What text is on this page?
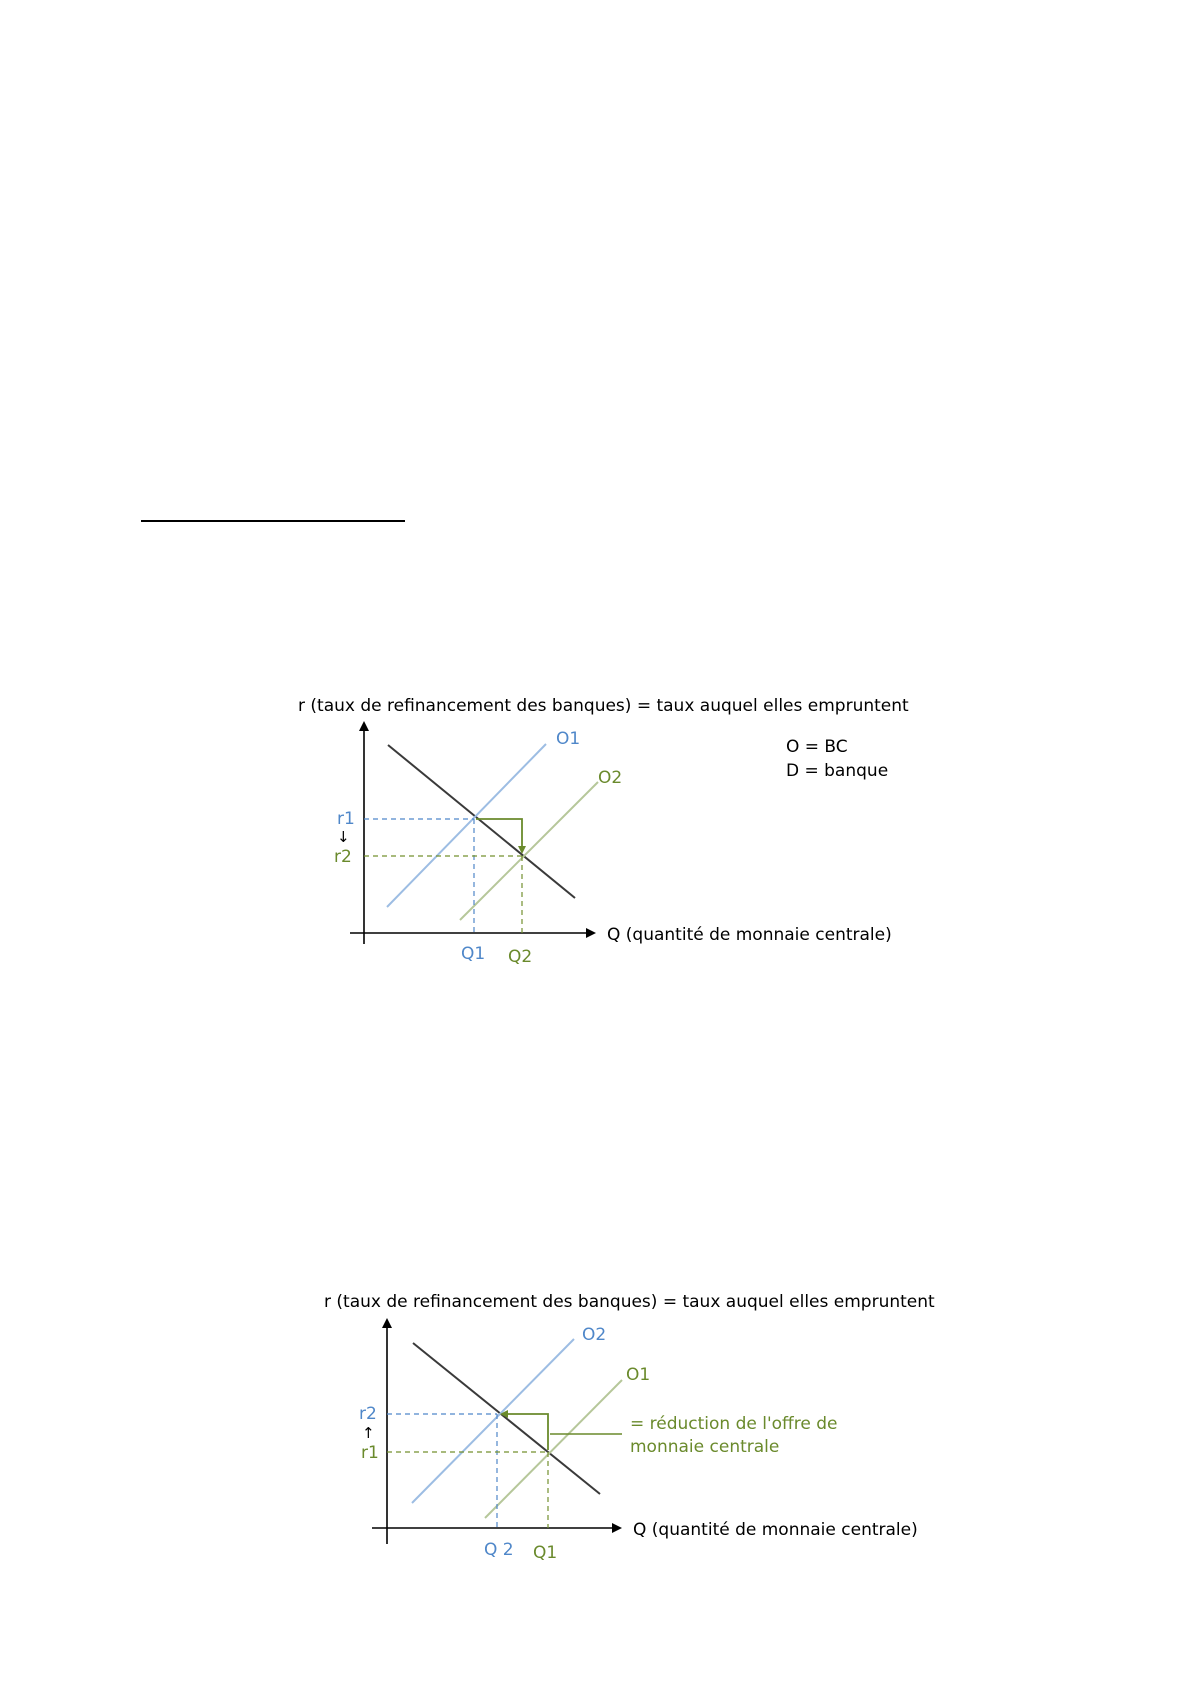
r (taux de refinancement des banques) = taux auquel elles empruntent
Q (quantité de monnaie centrale)
O1
O2
r1
↓
r2
Q1 Q2
O = BC
D = banque
r (taux de refinancement des banques) = taux auquel elles empruntent
Q (quantité de monnaie centrale)
O2
O1
r2
↑
r1
Q 2 Q1
= réduction de l'offre de
monnaie centrale
